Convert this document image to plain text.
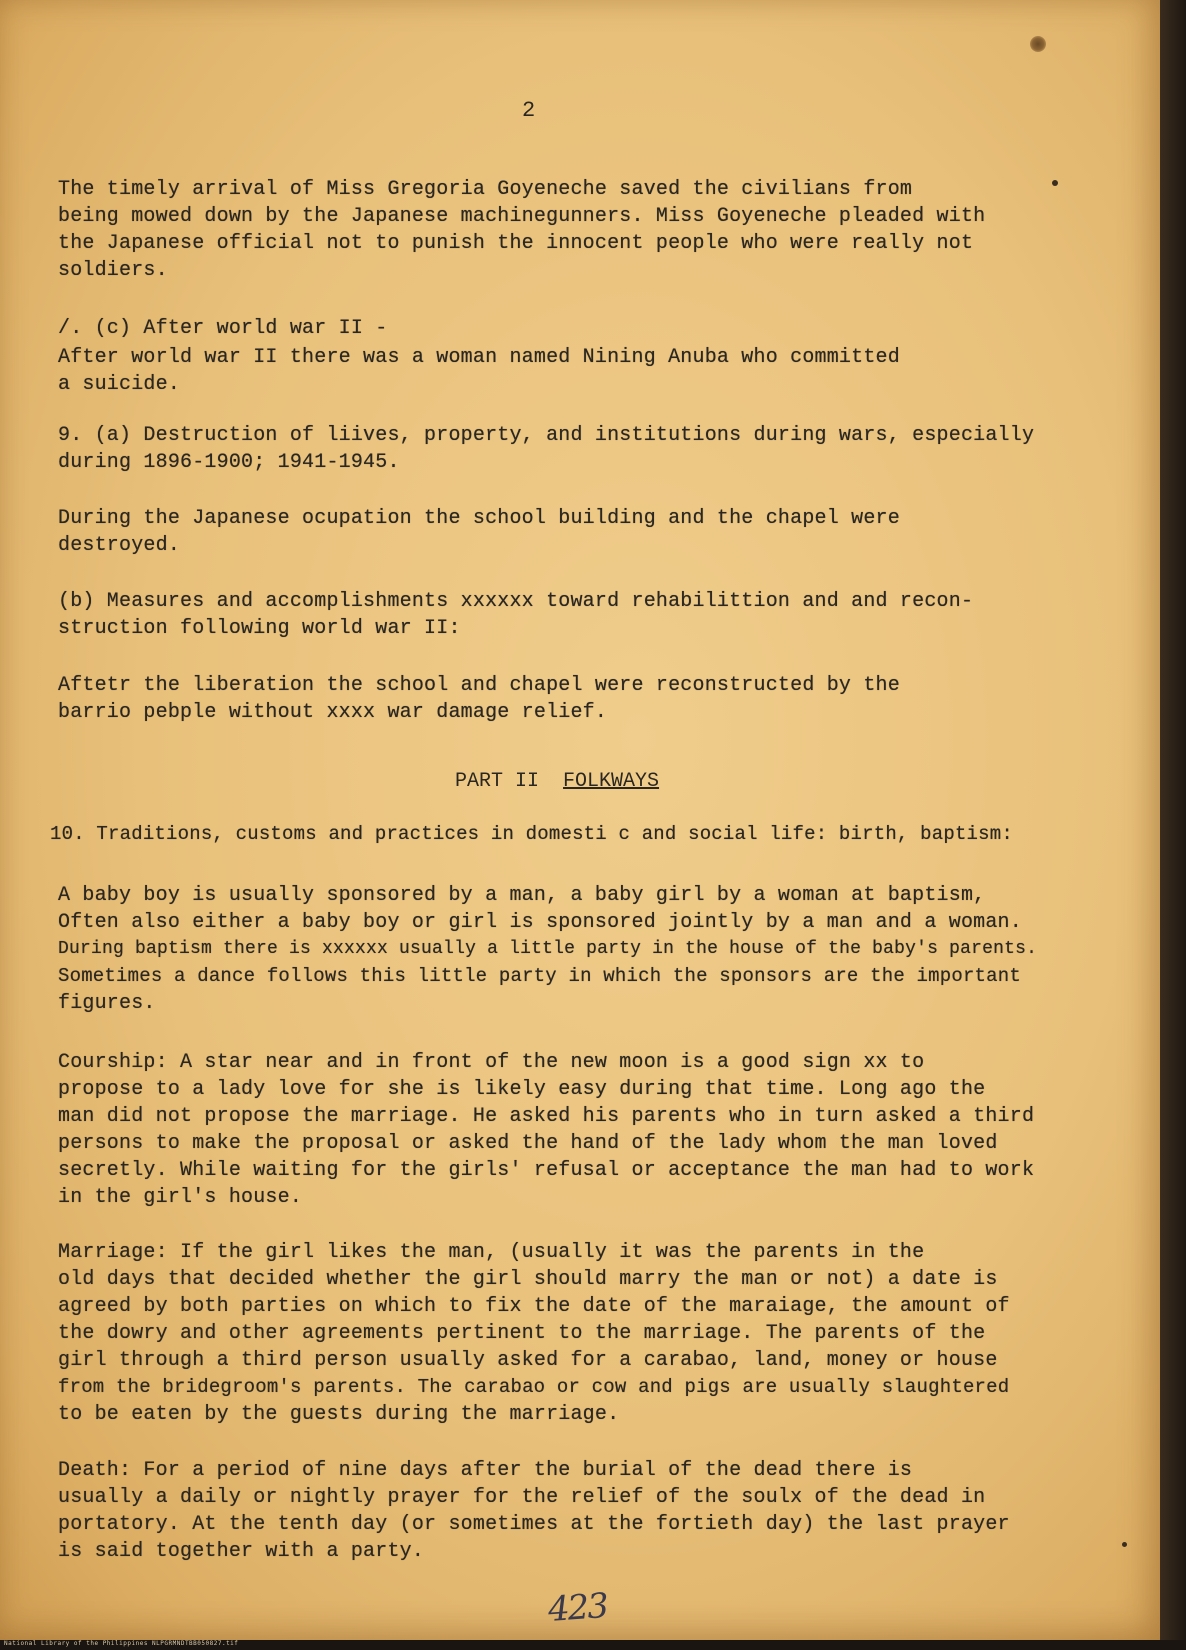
2

The timely arrival of Miss Gregoria Goyeneche saved the civilians from

being mowed down by the Japanese machinegunners. Miss Goyeneche pleaded with

the Japanese official not to punish the innocent people who were really not

soldiers.

/. (c) After world war II -

After world war II there was a woman named Nining Anuba who committed

a suicide.

9. (a) Destruction of liives, property, and institutions during wars, especially

during 1896-1900; 1941-1945.

During the Japanese ocupation the school building and the chapel were

destroyed.

(b) Measures and accomplishments xxxxxx toward rehabilittion and and recon-

struction following world war II:

Aftetr the liberation the school and chapel were reconstructed by the

barrio pebple without xxxx war damage relief.

PART II FOLKWAYS

10. Traditions, customs and practices in domesti c and social life: birth, baptism:

A baby boy is usually sponsored by a man, a baby girl by a woman at baptism,

Often also either a baby boy or girl is sponsored jointly by a man and a woman.

During baptism there is xxxxxx usually a little party in the house of the baby's parents.

Sometimes a dance follows this little party in which the sponsors are the important

figures.

Courship: A star near and in front of the new moon is a good sign xx to

propose to a lady love for she is likely easy during that time. Long ago the

man did not propose the marriage. He asked his parents who in turn asked a third

persons to make the proposal or asked the hand of the lady whom the man loved

secretly. While waiting for the girls' refusal or acceptance the man had to work

in the girl's house.

Marriage: If the girl likes the man, (usually it was the parents in the

old days that decided whether the girl should marry the man or not) a date is

agreed by both parties on which to fix the date of the maraiage, the amount of

the dowry and other agreements pertinent to the marriage. The parents of the

girl through a third person usually asked for a carabao, land, money or house

from the bridegroom's parents. The carabao or cow and pigs are usually slaughtered

to be eaten by the guests during the marriage.

Death: For a period of nine days after the burial of the dead there is

usually a daily or nightly prayer for the relief of the soulx of the dead in

portatory. At the tenth day (or sometimes at the fortieth day) the last prayer

is said together with a party.

423
National Library of the Philippines NLPGRMNDTBB050827.tif
